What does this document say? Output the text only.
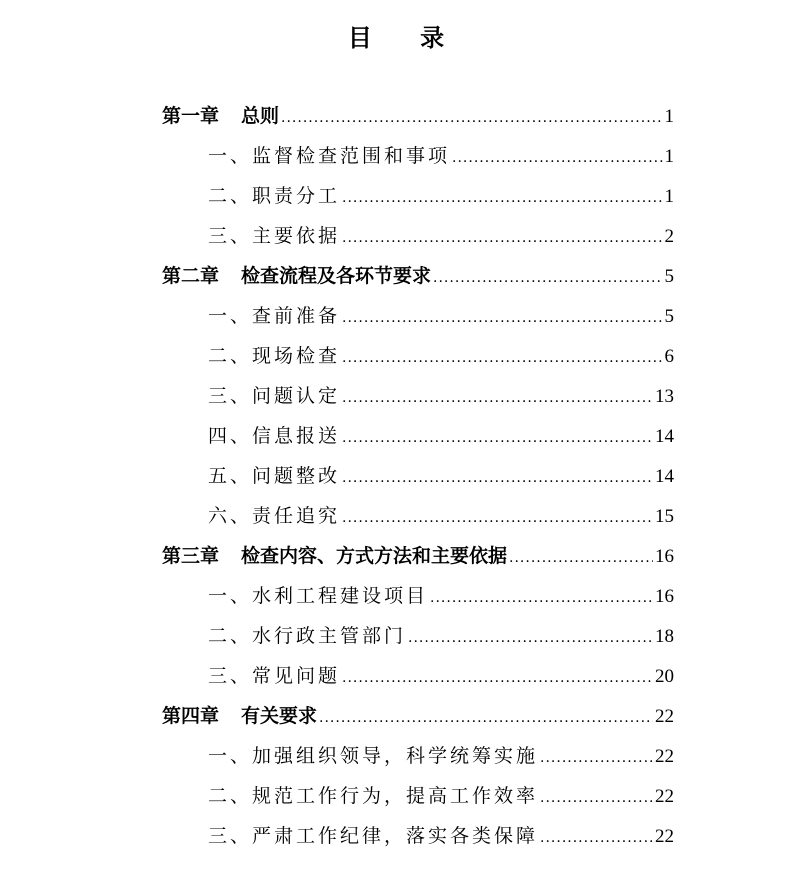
目 录
第一章 总则 .....	1
一、监督检查范围和事项 .....	1
二、职责分工 .....	1
三、主要依据 .....	2
第二章 检查流程及各环节要求 .....	5
一、查前准备 .....	5
二、现场检查 .....	6
三、问题认定 .....	13
四、信息报送 .....	14
五、问题整改 .....	14
六、责任追究 .....	15
第三章 检查内容、方式方法和主要依据 .....	16
一、水利工程建设项目 .....	16
二、水行政主管部门 .....	18
三、常见问题 .....	20
第四章 有关要求 .....	22
一、加强组织领导，科学统筹实施 .....	22
二、规范工作行为，提高工作效率 .....	22
三、严肃工作纪律，落实各类保障 .....	22
